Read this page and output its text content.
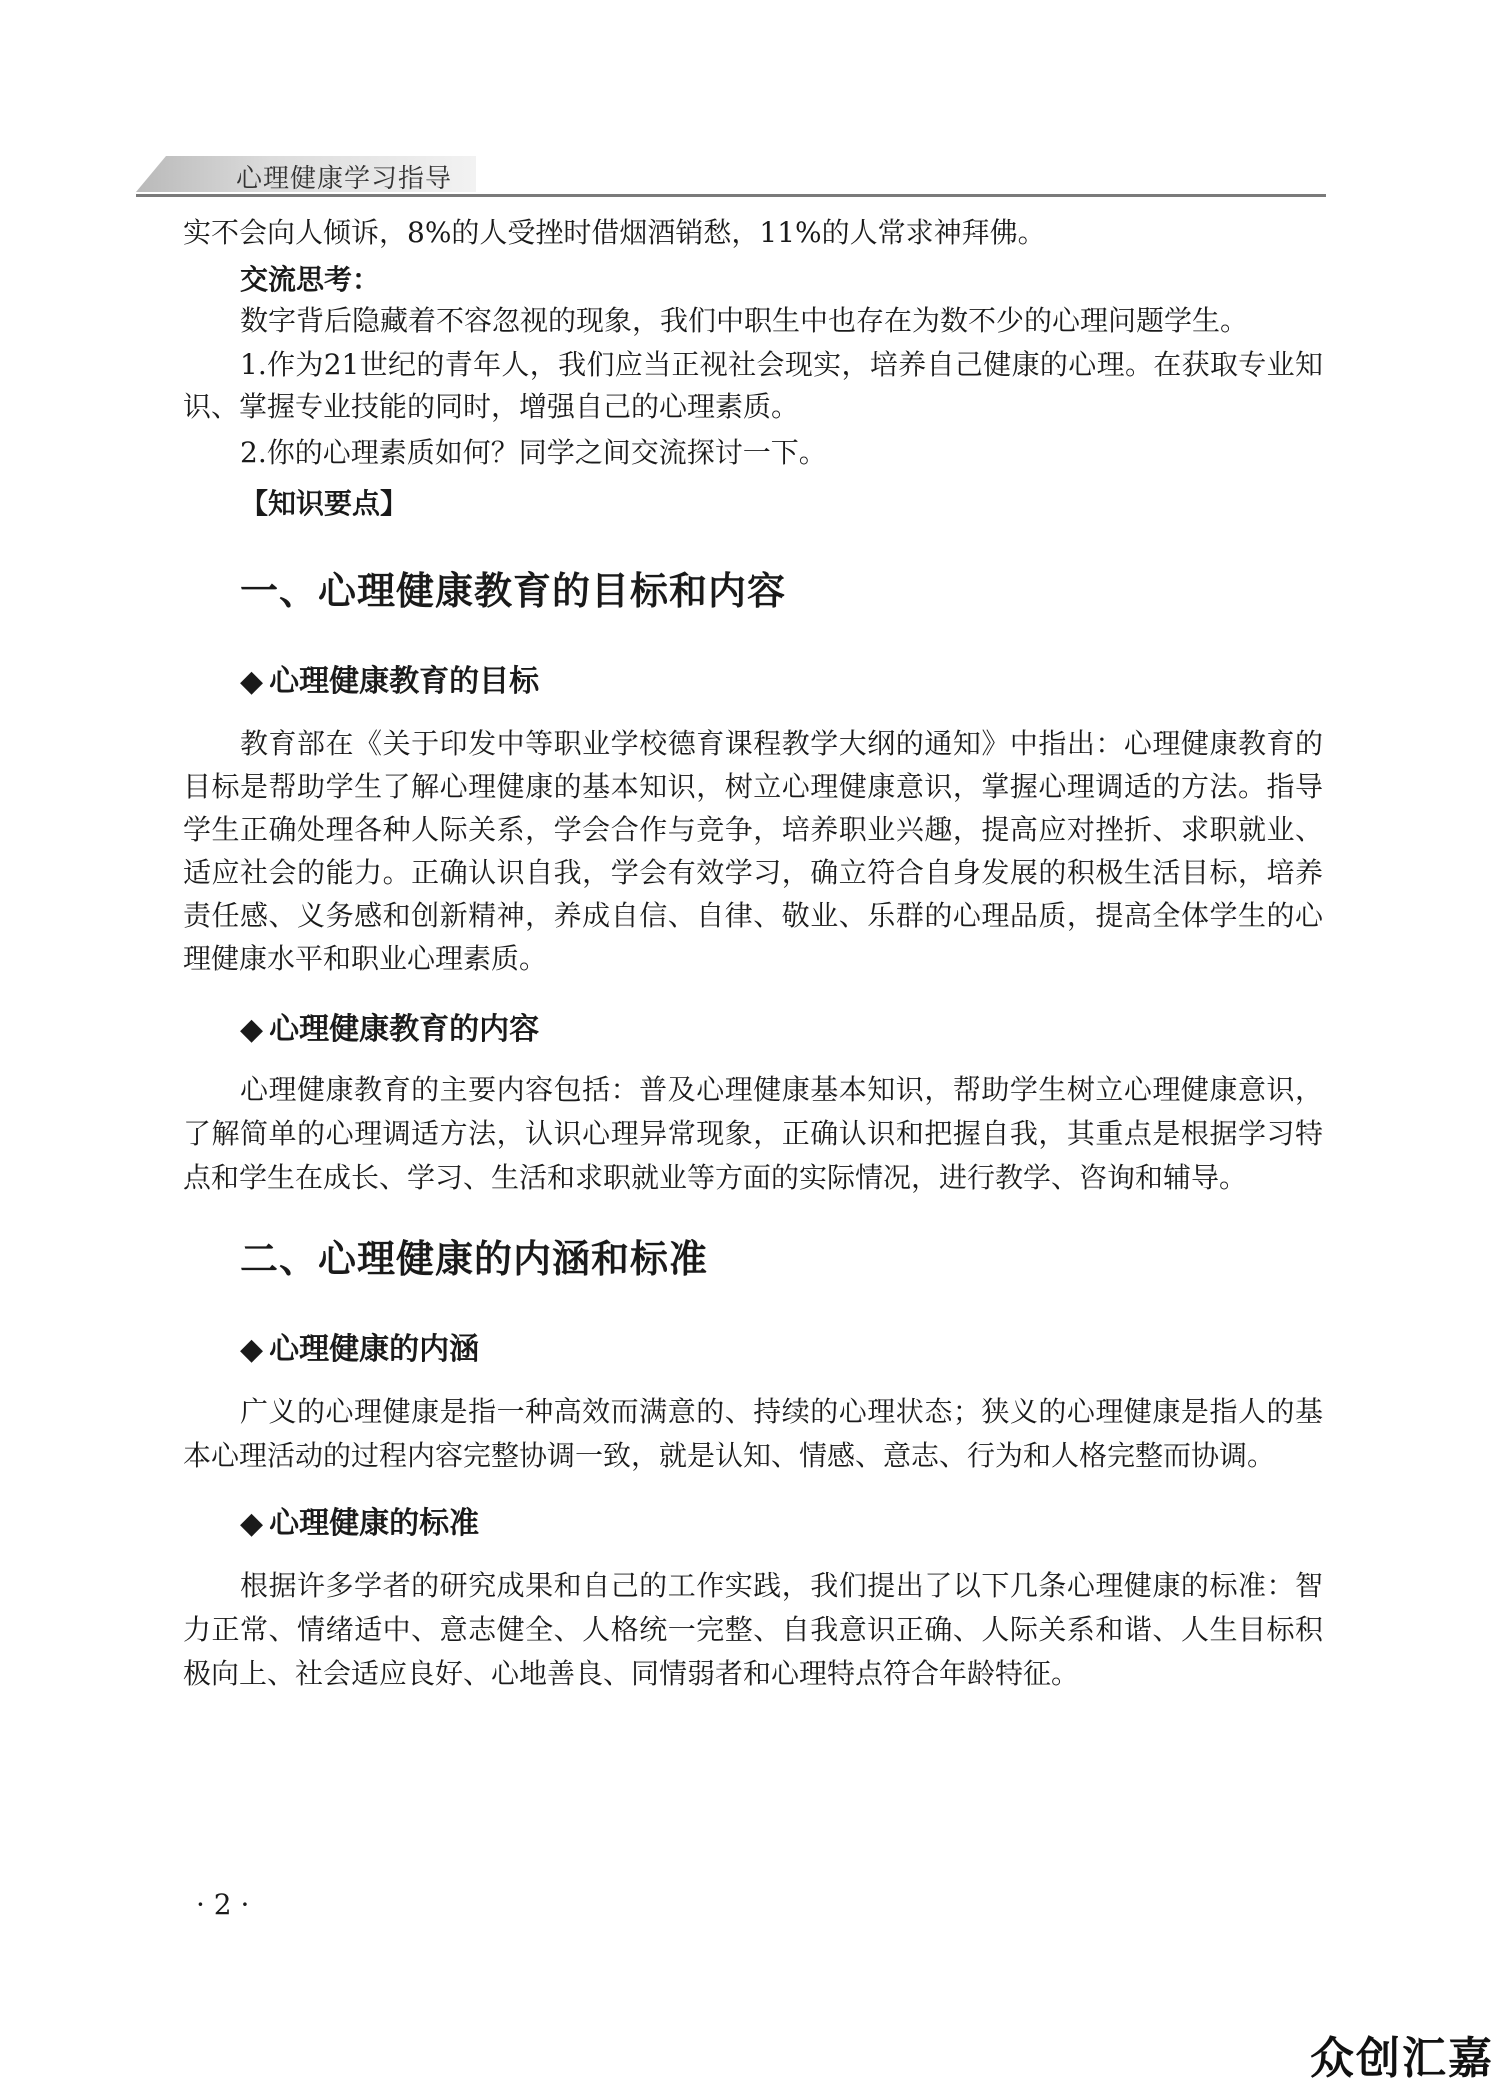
心理健康学习指导

实不会向人倾诉，8%的人受挫时借烟酒销愁，11%的人常求神拜佛。

交流思考：

数字背后隐藏着不容忽视的现象，我们中职生中也存在为数不少的心理问题学生。

1.作为21世纪的青年人，我们应当正视社会现实，培养自己健康的心理。在获取专业知识、掌握专业技能的同时，增强自己的心理素质。

2.你的心理素质如何？同学之间交流探讨一下。

【知识要点】
一、心理健康教育的目标和内容
◆ 心理健康教育的目标

教育部在《关于印发中等职业学校德育课程教学大纲的通知》中指出：心理健康教育的目标是帮助学生了解心理健康的基本知识，树立心理健康意识，掌握心理调适的方法。指导学生正确处理各种人际关系，学会合作与竞争，培养职业兴趣，提高应对挫折、求职就业、适应社会的能力。正确认识自我，学会有效学习，确立符合自身发展的积极生活目标，培养责任感、义务感和创新精神，养成自信、自律、敬业、乐群的心理品质，提高全体学生的心理健康水平和职业心理素质。

◆ 心理健康教育的内容

心理健康教育的主要内容包括：普及心理健康基本知识，帮助学生树立心理健康意识，了解简单的心理调适方法，认识心理异常现象，正确认识和把握自我，其重点是根据学习特点和学生在成长、学习、生活和求职就业等方面的实际情况，进行教学、咨询和辅导。

二、心理健康的内涵和标准
◆ 心理健康的内涵

广义的心理健康是指一种高效而满意的、持续的心理状态；狭义的心理健康是指人的基本心理活动的过程内容完整协调一致，就是认知、情感、意志、行为和人格完整而协调。

◆ 心理健康的标准

根据许多学者的研究成果和自己的工作实践，我们提出了以下几条心理健康的标准：智力正常、情绪适中、意志健全、人格统一完整、自我意识正确、人际关系和谐、人生目标积极向上、社会适应良好、心地善良、同情弱者和心理特点符合年龄特征。

· 2 ·
众创汇嘉
